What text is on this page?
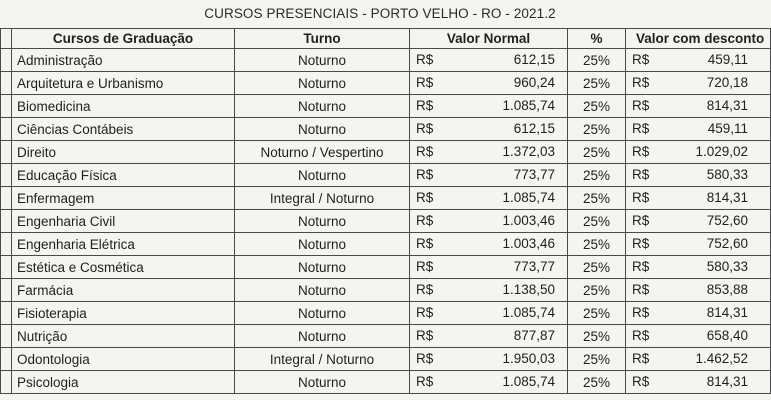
CURSOS PRESENCIAIS - PORTO VELHO - RO - 2021.2
	Cursos de Graduação	Turno	Valor Normal	%	Valor com desconto
	Administração	Noturno	R$ 612,15	25%	R$ 459,11

	Arquitetura e Urbanismo	Noturno	R$ 960,24	25%	R$ 720,18

	Biomedicina	Noturno	R$ 1.085,74	25%	R$ 814,31

	Ciências Contábeis	Noturno	R$ 612,15	25%	R$ 459,11

	Direito	Noturno / Vespertino	R$ 1.372,03	25%	R$ 1.029,02

	Educação Física	Noturno	R$ 773,77	25%	R$ 580,33

	Enfermagem	Integral / Noturno	R$ 1.085,74	25%	R$ 814,31

	Engenharia Civil	Noturno	R$ 1.003,46	25%	R$ 752,60

	Engenharia Elétrica	Noturno	R$ 1.003,46	25%	R$ 752,60

	Estética e Cosmética	Noturno	R$ 773,77	25%	R$ 580,33

	Farmácia	Noturno	R$ 1.138,50	25%	R$ 853,88

	Fisioterapia	Noturno	R$ 1.085,74	25%	R$ 814,31

	Nutrição	Noturno	R$ 877,87	25%	R$ 658,40

	Odontologia	Integral / Noturno	R$ 1.950,03	25%	R$ 1.462,52

	Psicologia	Noturno	R$ 1.085,74	25%	R$ 814,31
